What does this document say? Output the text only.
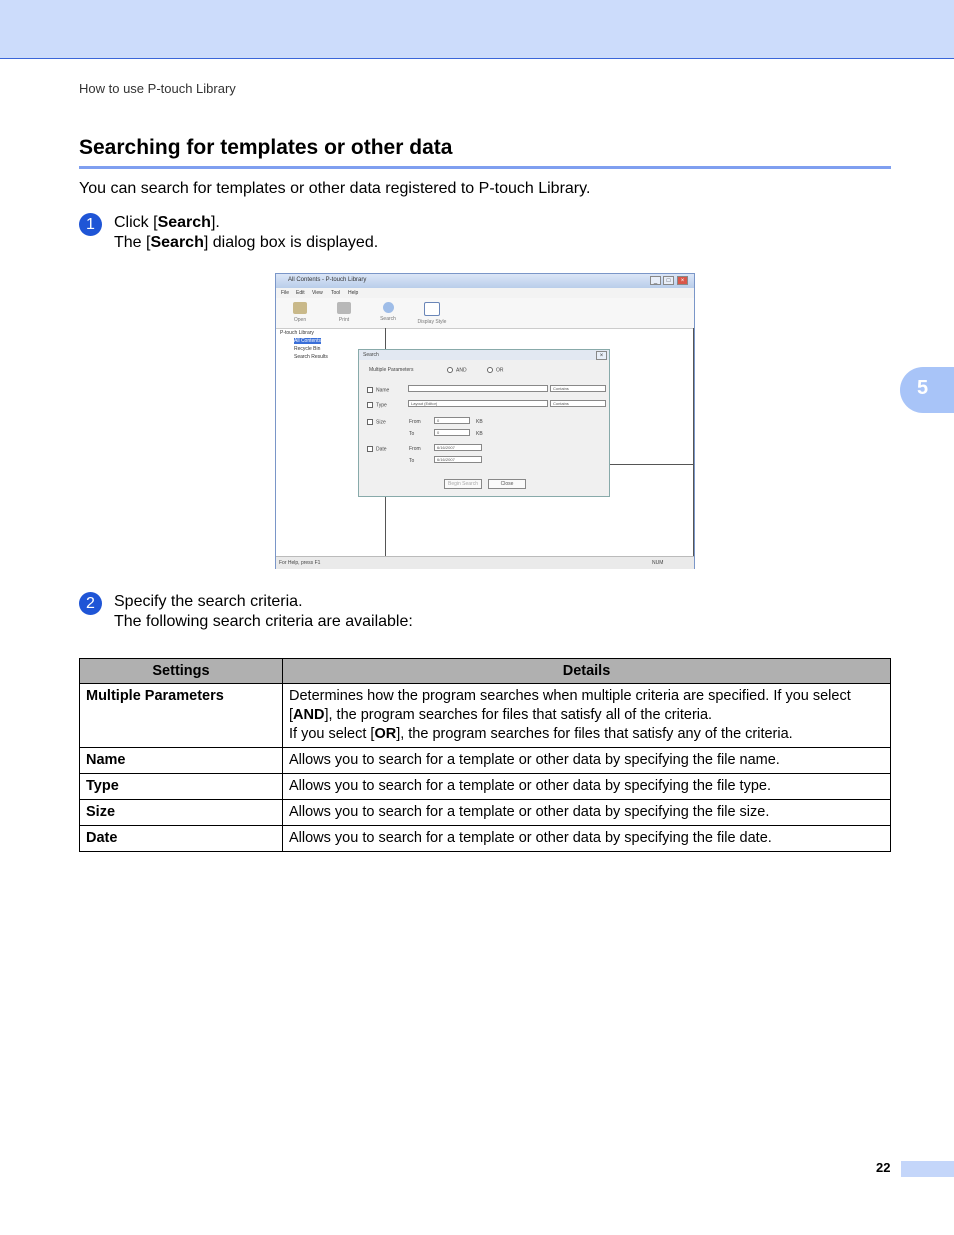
How to use P-touch Library
Searching for templates or other data
You can search for templates or other data registered to P-touch Library.
1	Click [Search].
The [Search] dialog box is displayed.
All Contents - P-touch Library	_	□	×
File Edit View Tool Help
Open	Print	Search	Display Style
P-touch Library
All Contents
Recycle Bin
Search Results	Search	×
Multiple Parameters	AND	OR
Name	Contains
Type	Layout (Editor)	Contains
Size	From	0	KB
To	0	KB
Date	From	6/16/2007
To	6/16/2007
Begin Search	Close
For Help, press F1	NUM
2	Specify the search criteria.
The following search criteria are available:
Settings	Details
Multiple Parameters	Determines how the program searches when multiple criteria are specified. If you select
[AND], the program searches for files that satisfy all of the criteria.
If you select [OR], the program searches for files that satisfy any of the criteria.

Name	Allows you to search for a template or other data by specifying the file name.
Type	Allows you to search for a template or other data by specifying the file type.
Size	Allows you to search for a template or other data by specifying the file size.
Date	Allows you to search for a template or other data by specifying the file date.
5
22
